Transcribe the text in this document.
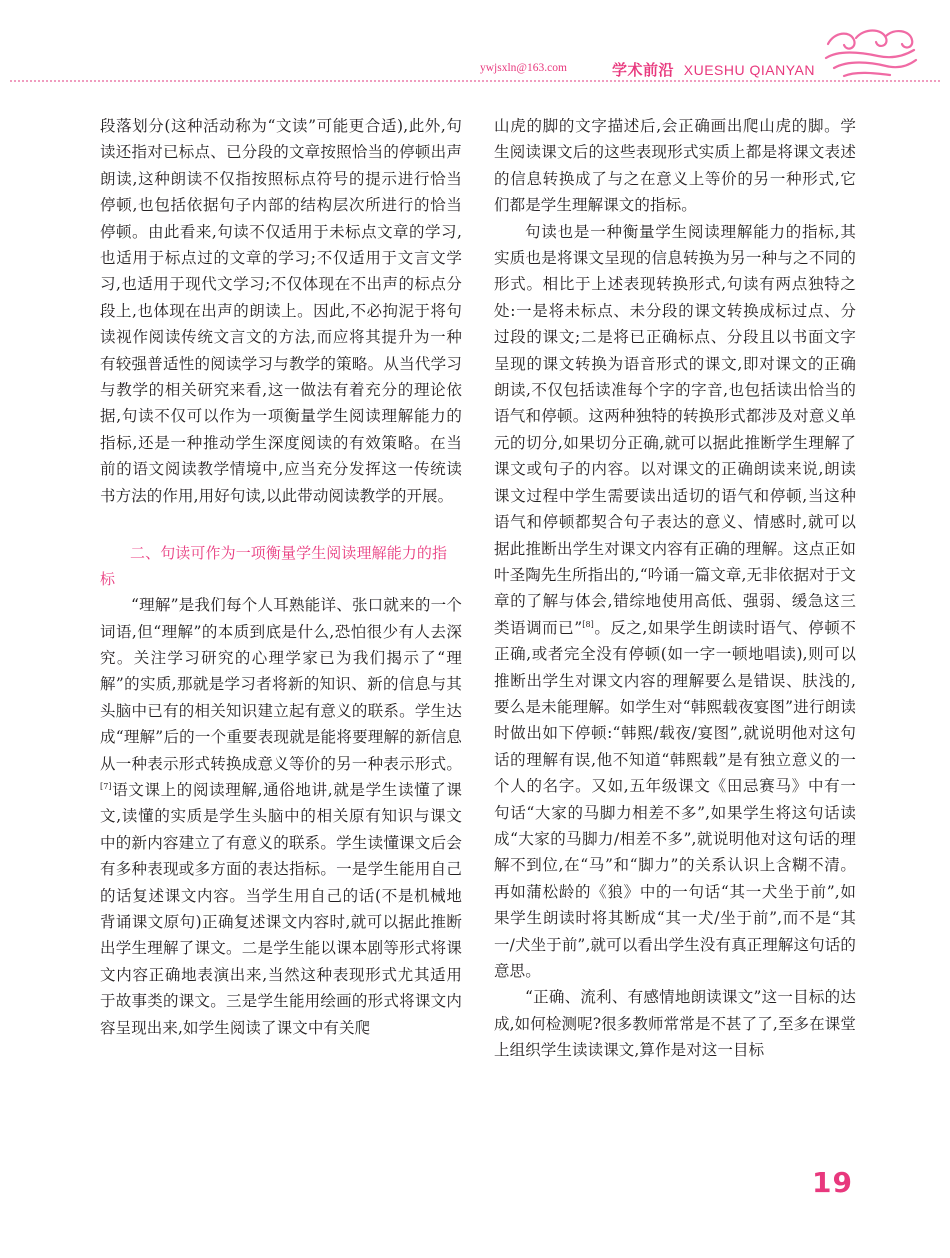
ywjsxln@163.com	学术前沿 XUESHU QIANYAN

段落划分(这种活动称为“文读”可能更合适),此外,句读还指对已标点、已分段的文章按照恰当的停顿出声朗读,这种朗读不仅指按照标点符号的提示进行恰当停顿,也包括依据句子内部的结构层次所进行的恰当停顿。由此看来,句读不仅适用于未标点文章的学习,也适用于标点过的文章的学习;不仅适用于文言文学习,也适用于现代文学习;不仅体现在不出声的标点分段上,也体现在出声的朗读上。因此,不必拘泥于将句读视作阅读传统文言文的方法,而应将其提升为一种有较强普适性的阅读学习与教学的策略。从当代学习与教学的相关研究来看,这一做法有着充分的理论依据,句读不仅可以作为一项衡量学生阅读理解能力的指标,还是一种推动学生深度阅读的有效策略。在当前的语文阅读教学情境中,应当充分发挥这一传统读书方法的作用,用好句读,以此带动阅读教学的开展。

二、句读可作为一项衡量学生阅读理解能力的指标

“理解”是我们每个人耳熟能详、张口就来的一个词语,但“理解”的本质到底是什么,恐怕很少有人去深究。关注学习研究的心理学家已为我们揭示了“理解”的实质,那就是学习者将新的知识、新的信息与其头脑中已有的相关知识建立起有意义的联系。学生达成“理解”后的一个重要表现就是能将要理解的新信息从一种表示形式转换成意义等价的另一种表示形式。[7]语文课上的阅读理解,通俗地讲,就是学生读懂了课文,读懂的实质是学生头脑中的相关原有知识与课文中的新内容建立了有意义的联系。学生读懂课文后会有多种表现或多方面的表达指标。一是学生能用自己的话复述课文内容。当学生用自己的话(不是机械地背诵课文原句)正确复述课文内容时,就可以据此推断出学生理解了课文。二是学生能以课本剧等形式将课文内容正确地表演出来,当然这种表现形式尤其适用于故事类的课文。三是学生能用绘画的形式将课文内容呈现出来,如学生阅读了课文中有关爬

山虎的脚的文字描述后,会正确画出爬山虎的脚。学生阅读课文后的这些表现形式实质上都是将课文表述的信息转换成了与之在意义上等价的另一种形式,它们都是学生理解课文的指标。

句读也是一种衡量学生阅读理解能力的指标,其实质也是将课文呈现的信息转换为另一种与之不同的形式。相比于上述表现转换形式,句读有两点独特之处:一是将未标点、未分段的课文转换成标过点、分过段的课文;二是将已正确标点、分段且以书面文字呈现的课文转换为语音形式的课文,即对课文的正确朗读,不仅包括读准每个字的字音,也包括读出恰当的语气和停顿。这两种独特的转换形式都涉及对意义单元的切分,如果切分正确,就可以据此推断学生理解了课文或句子的内容。以对课文的正确朗读来说,朗读课文过程中学生需要读出适切的语气和停顿,当这种语气和停顿都契合句子表达的意义、情感时,就可以据此推断出学生对课文内容有正确的理解。这点正如叶圣陶先生所指出的,“吟诵一篇文章,无非依据对于文章的了解与体会,错综地使用高低、强弱、缓急这三类语调而已”[8]。反之,如果学生朗读时语气、停顿不正确,或者完全没有停顿(如一字一顿地唱读),则可以推断出学生对课文内容的理解要么是错误、肤浅的,要么是未能理解。如学生对“韩熙载夜宴图”进行朗读时做出如下停顿:“韩熙/载夜/宴图”,就说明他对这句话的理解有误,他不知道“韩熙载”是有独立意义的一个人的名字。又如,五年级课文《田忌赛马》中有一句话“大家的马脚力相差不多”,如果学生将这句话读成“大家的马脚力/相差不多”,就说明他对这句话的理解不到位,在“马”和“脚力”的关系认识上含糊不清。再如蒲松龄的《狼》中的一句话“其一犬坐于前”,如果学生朗读时将其断成“其一犬/坐于前”,而不是“其一/犬坐于前”,就可以看出学生没有真正理解这句话的意思。

“正确、流利、有感情地朗读课文”这一目标的达成,如何检测呢?很多教师常常是不甚了了,至多在课堂上组织学生读读课文,算作是对这一目标

19
